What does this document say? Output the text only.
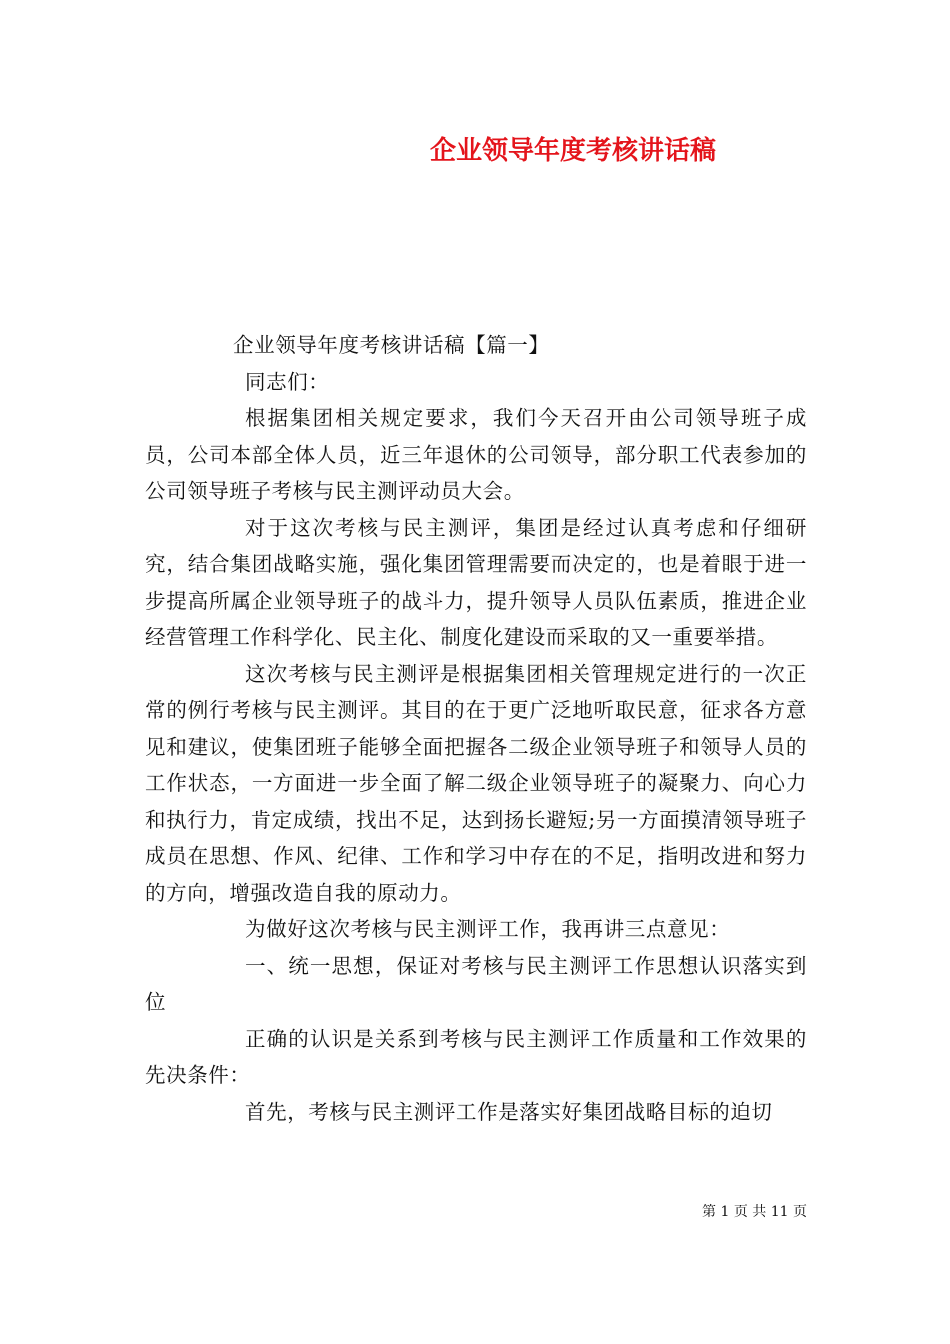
企业领导年度考核讲话稿

企业领导年度考核讲话稿【篇一】

同志们：

根据集团相关规定要求，我们今天召开由公司领导班子成员，公司本部全体人员，近三年退休的公司领导，部分职工代表参加的公司领导班子考核与民主测评动员大会。

对于这次考核与民主测评，集团是经过认真考虑和仔细研究，结合集团战略实施，强化集团管理需要而决定的，也是着眼于进一步提高所属企业领导班子的战斗力，提升领导人员队伍素质，推进企业经营管理工作科学化、民主化、制度化建设而采取的又一重要举措。

这次考核与民主测评是根据集团相关管理规定进行的一次正常的例行考核与民主测评。其目的在于更广泛地听取民意，征求各方意见和建议，使集团班子能够全面把握各二级企业领导班子和领导人员的工作状态，一方面进一步全面了解二级企业领导班子的凝聚力、向心力和执行力，肯定成绩，找出不足，达到扬长避短;另一方面摸清领导班子成员在思想、作风、纪律、工作和学习中存在的不足，指明改进和努力的方向，增强改造自我的原动力。

为做好这次考核与民主测评工作，我再讲三点意见：

一、统一思想，保证对考核与民主测评工作思想认识落实到位

正确的认识是关系到考核与民主测评工作质量和工作效果的先决条件：

首先，考核与民主测评工作是落实好集团战略目标的迫切

第 1 页 共 11 页
